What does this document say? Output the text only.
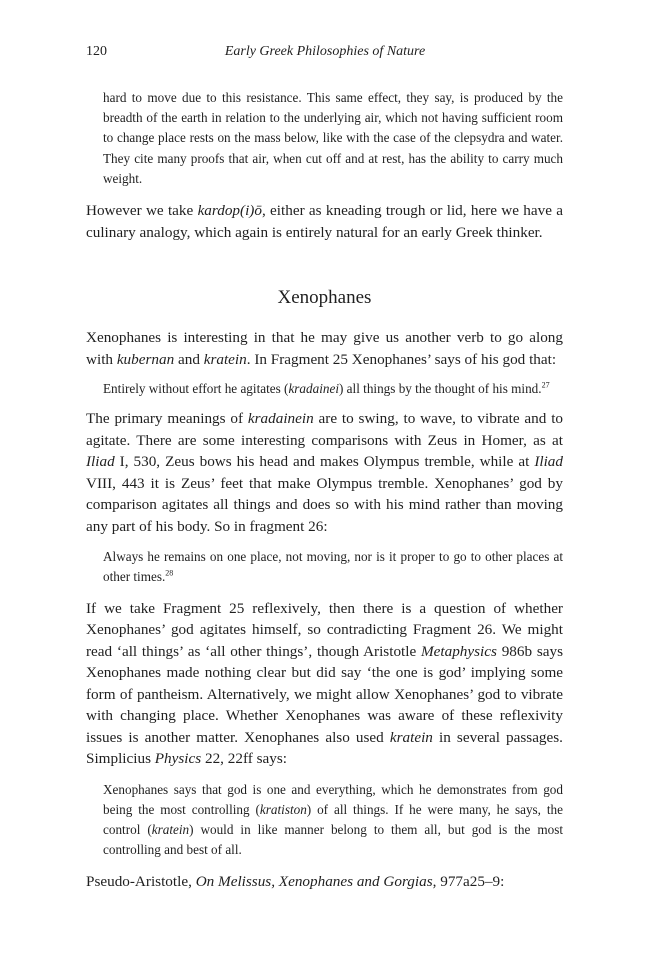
120	Early Greek Philosophies of Nature

hard to move due to this resistance. This same effect, they say, is produced by the breadth of the earth in relation to the underlying air, which not having sufficient room to change place rests on the mass below, like with the case of the clepsydra and water. They cite many proofs that air, when cut off and at rest, has the ability to carry much weight.

However we take kardop(i)ō, either as kneading trough or lid, here we have a culinary analogy, which again is entirely natural for an early Greek thinker.

Xenophanes

Xenophanes is interesting in that he may give us another verb to go along with kubernan and kratein. In Fragment 25 Xenophanes’ says of his god that:

Entirely without effort he agitates (kradainei) all things by the thought of his mind.$^{27}$

The primary meanings of kradainein are to swing, to wave, to vibrate and to agitate. There are some interesting comparisons with Zeus in Homer, as at Iliad I, 530, Zeus bows his head and makes Olympus tremble, while at Iliad VIII, 443 it is Zeus’ feet that make Olympus tremble. Xenophanes’ god by comparison agitates all things and does so with his mind rather than moving any part of his body. So in fragment 26:

Always he remains on one place, not moving, nor is it proper to go to other places at other times.$^{28}$

If we take Fragment 25 reflexively, then there is a question of whether Xenophanes’ god agitates himself, so contradicting Fragment 26. We might read ‘all things’ as ‘all other things’, though Aristotle Metaphysics 986b says Xenophanes made nothing clear but did say ‘the one is god’ implying some form of pantheism. Alternatively, we might allow Xenophanes’ god to vibrate with changing place. Whether Xenophanes was aware of these reflexivity issues is another matter. Xenophanes also used kratein in several passages. Simplicius Physics 22, 22ff says:

Xenophanes says that god is one and everything, which he demonstrates from god being the most controlling (kratiston) of all things. If he were many, he says, the control (kratein) would in like manner belong to them all, but god is the most controlling and best of all.

Pseudo-Aristotle, On Melissus, Xenophanes and Gorgias, 977a25–9:
